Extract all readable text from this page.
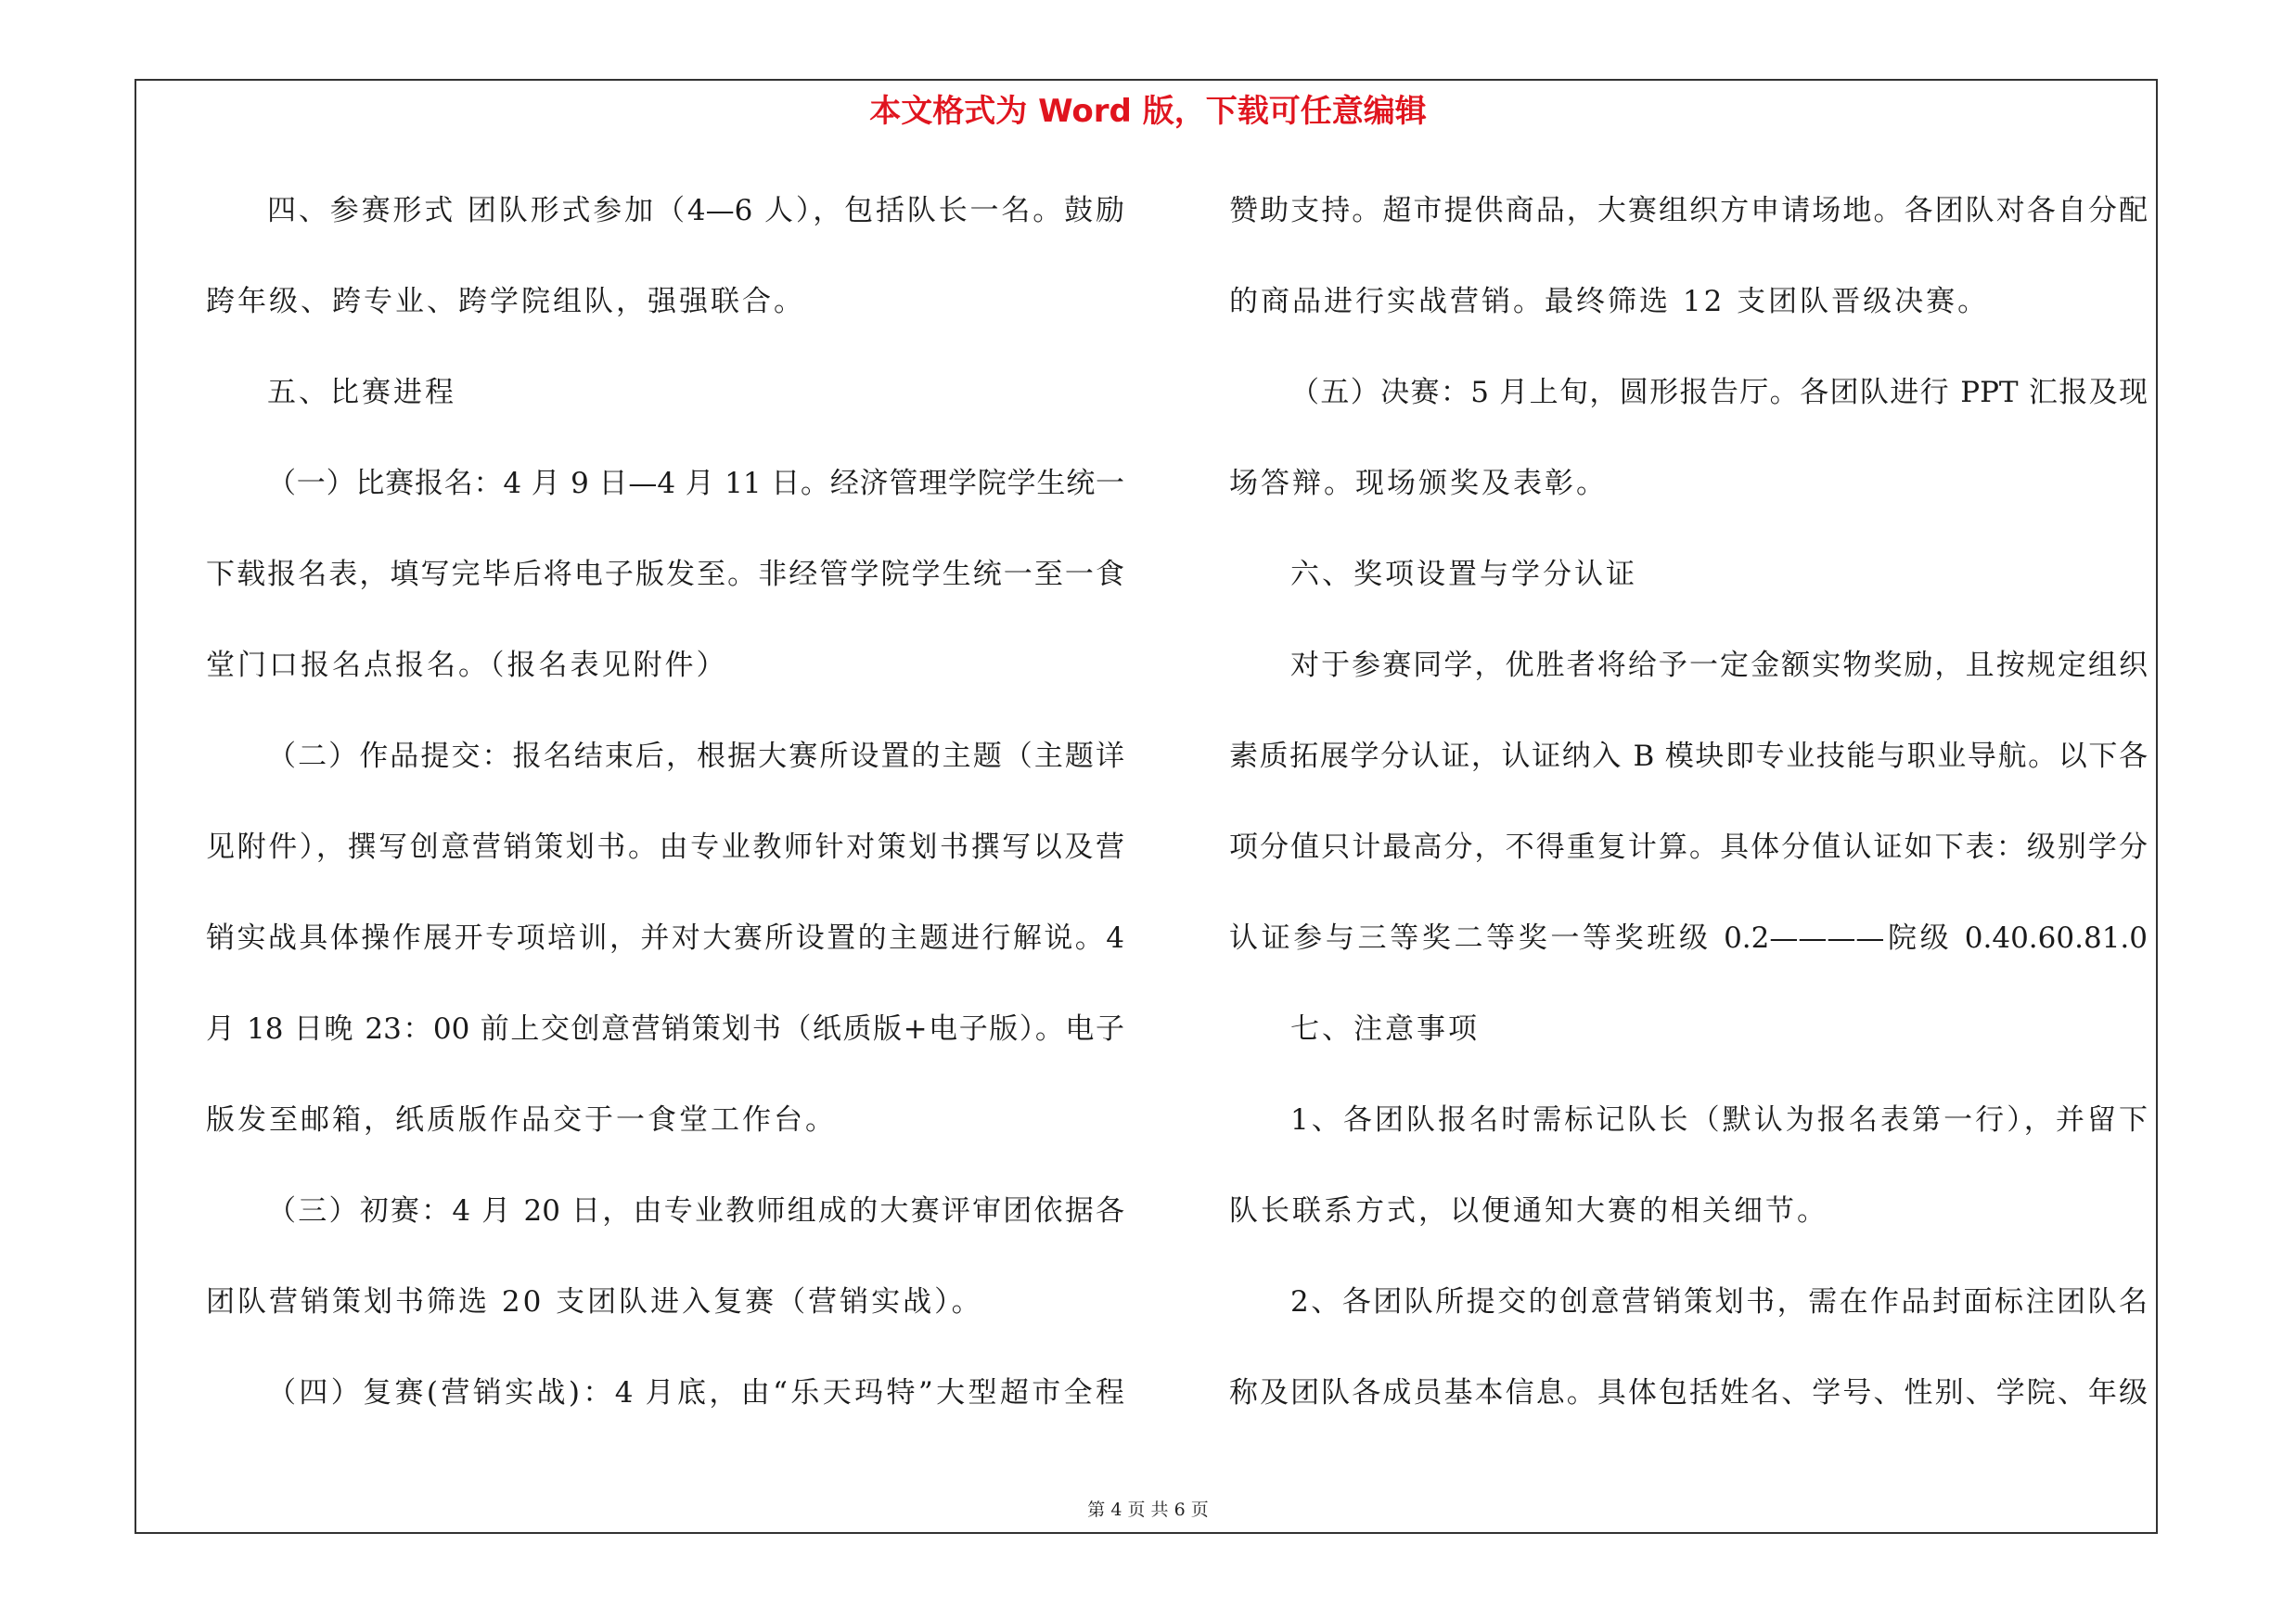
本文格式为 Word 版，下载可任意编辑
四、参赛形式 团队形式参加（4—6 人），包括队长一名。鼓励
跨年级、跨专业、跨学院组队，强强联合。
五、比赛进程
（一）比赛报名：4 月 9 日—4 月 11 日。经济管理学院学生统一
下载报名表，填写完毕后将电子版发至。非经管学院学生统一至一食
堂门口报名点报名。（报名表见附件）
（二）作品提交：报名结束后，根据大赛所设置的主题（主题详
见附件），撰写创意营销策划书。由专业教师针对策划书撰写以及营
销实战具体操作展开专项培训，并对大赛所设置的主题进行解说。4
月 18 日晚 23：00 前上交创意营销策划书（纸质版+电子版）。电子
版发至邮箱，纸质版作品交于一食堂工作台。
（三）初赛：4 月 20 日，由专业教师组成的大赛评审团依据各
团队营销策划书筛选 20 支团队进入复赛（营销实战）。
（四）复赛(营销实战)：4 月底，由“乐天玛特”大型超市全程
赞助支持。超市提供商品，大赛组织方申请场地。各团队对各自分配
的商品进行实战营销。最终筛选 12 支团队晋级决赛。
（五）决赛：5 月上旬，圆形报告厅。各团队进行 PPT 汇报及现
场答辩。现场颁奖及表彰。
六、奖项设置与学分认证
对于参赛同学，优胜者将给予一定金额实物奖励，且按规定组织
素质拓展学分认证，认证纳入 B 模块即专业技能与职业导航。以下各
项分值只计最高分，不得重复计算。具体分值认证如下表：级别学分
认证参与三等奖二等奖一等奖班级 0.2————院级 0.40.60.81.0
七、注意事项
1、各团队报名时需标记队长（默认为报名表第一行），并留下
队长联系方式，以便通知大赛的相关细节。
2、各团队所提交的创意营销策划书，需在作品封面标注团队名
称及团队各成员基本信息。具体包括姓名、学号、性别、学院、年级
第 4 页 共 6 页
